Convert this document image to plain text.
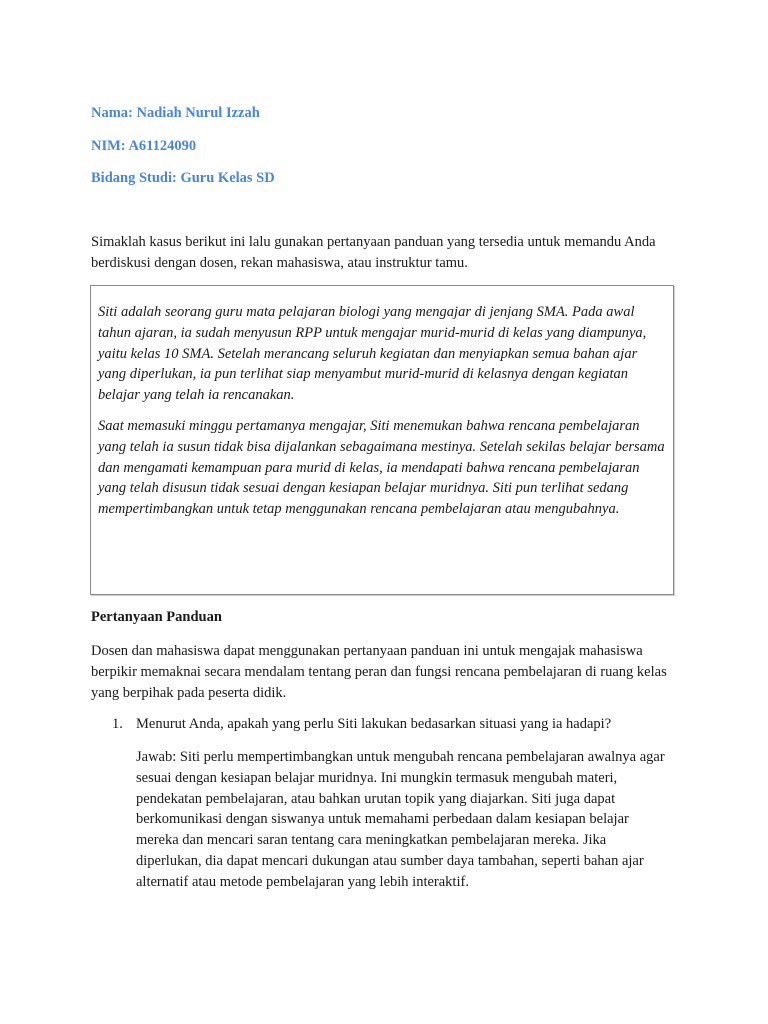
Nama: Nadiah Nurul Izzah

NIM: A61124090

Bidang Studi: Guru Kelas SD

Simaklah kasus berikut ini lalu gunakan pertanyaan panduan yang tersedia untuk memandu Anda berdiskusi dengan dosen, rekan mahasiswa, atau instruktur tamu.

Siti adalah seorang guru mata pelajaran biologi yang mengajar di jenjang SMA. Pada awal tahun ajaran, ia sudah menyusun RPP untuk mengajar murid-murid di kelas yang diampunya, yaitu kelas 10 SMA. Setelah merancang seluruh kegiatan dan menyiapkan semua bahan ajar yang diperlukan, ia pun terlihat siap menyambut murid-murid di kelasnya dengan kegiatan belajar yang telah ia rencanakan.

Saat memasuki minggu pertamanya mengajar, Siti menemukan bahwa rencana pembelajaran yang telah ia susun tidak bisa dijalankan sebagaimana mestinya. Setelah sekilas belajar bersama dan mengamati kemampuan para murid di kelas, ia mendapati bahwa rencana pembelajaran yang telah disusun tidak sesuai dengan kesiapan belajar muridnya. Siti pun terlihat sedang mempertimbangkan untuk tetap menggunakan rencana pembelajaran atau mengubahnya.

Pertanyaan Panduan

Dosen dan mahasiswa dapat menggunakan pertanyaan panduan ini untuk mengajak mahasiswa berpikir memaknai secara mendalam tentang peran dan fungsi rencana pembelajaran di ruang kelas yang berpihak pada peserta didik.

1. Menurut Anda, apakah yang perlu Siti lakukan bedasarkan situasi yang ia hadapi?
Jawab: Siti perlu mempertimbangkan untuk mengubah rencana pembelajaran awalnya agar sesuai dengan kesiapan belajar muridnya. Ini mungkin termasuk mengubah materi, pendekatan pembelajaran, atau bahkan urutan topik yang diajarkan. Siti juga dapat berkomunikasi dengan siswanya untuk memahami perbedaan dalam kesiapan belajar mereka dan mencari saran tentang cara meningkatkan pembelajaran mereka. Jika diperlukan, dia dapat mencari dukungan atau sumber daya tambahan, seperti bahan ajar alternatif atau metode pembelajaran yang lebih interaktif.
